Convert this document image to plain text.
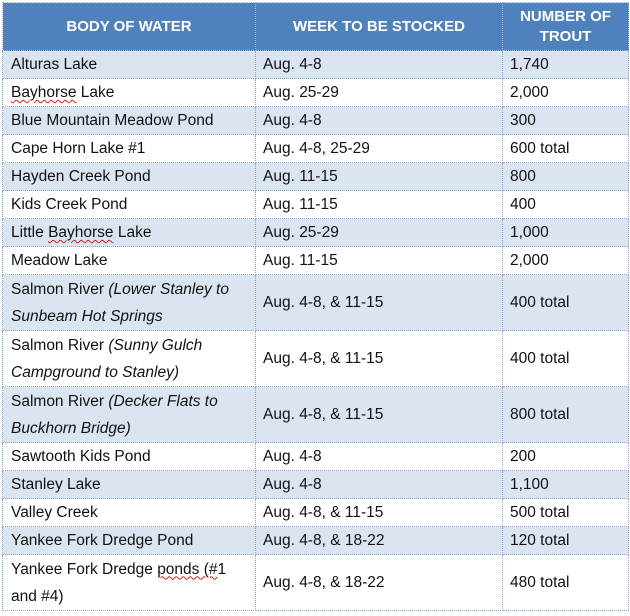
BODY OF WATER	WEEK TO BE STOCKED	NUMBER OF TROUT
Alturas Lake	Aug. 4-8	1,740
Bayhorse Lake	Aug. 25-29	2,000
Blue Mountain Meadow Pond	Aug. 4-8	300
Cape Horn Lake #1	Aug. 4-8, 25-29	600 total
Hayden Creek Pond	Aug. 11-15	800
Kids Creek Pond	Aug. 11-15	400
Little Bayhorse Lake	Aug. 25-29	1,000
Meadow Lake	Aug. 11-15	2,000
Salmon River (Lower Stanley to Sunbeam Hot Springs	Aug. 4-8, & 11-15	400 total
Salmon River (Sunny Gulch Campground to Stanley)	Aug. 4-8, & 11-15	400 total
Salmon River (Decker Flats to Buckhorn Bridge)	Aug. 4-8, & 11-15	800 total
Sawtooth Kids Pond	Aug. 4-8	200
Stanley Lake	Aug. 4-8	1,100
Valley Creek	Aug. 4-8, & 11-15	500 total
Yankee Fork Dredge Pond	Aug. 4-8, & 18-22	120 total
Yankee Fork Dredge ponds (#1 and #4)	Aug. 4-8, & 18-22	480 total
